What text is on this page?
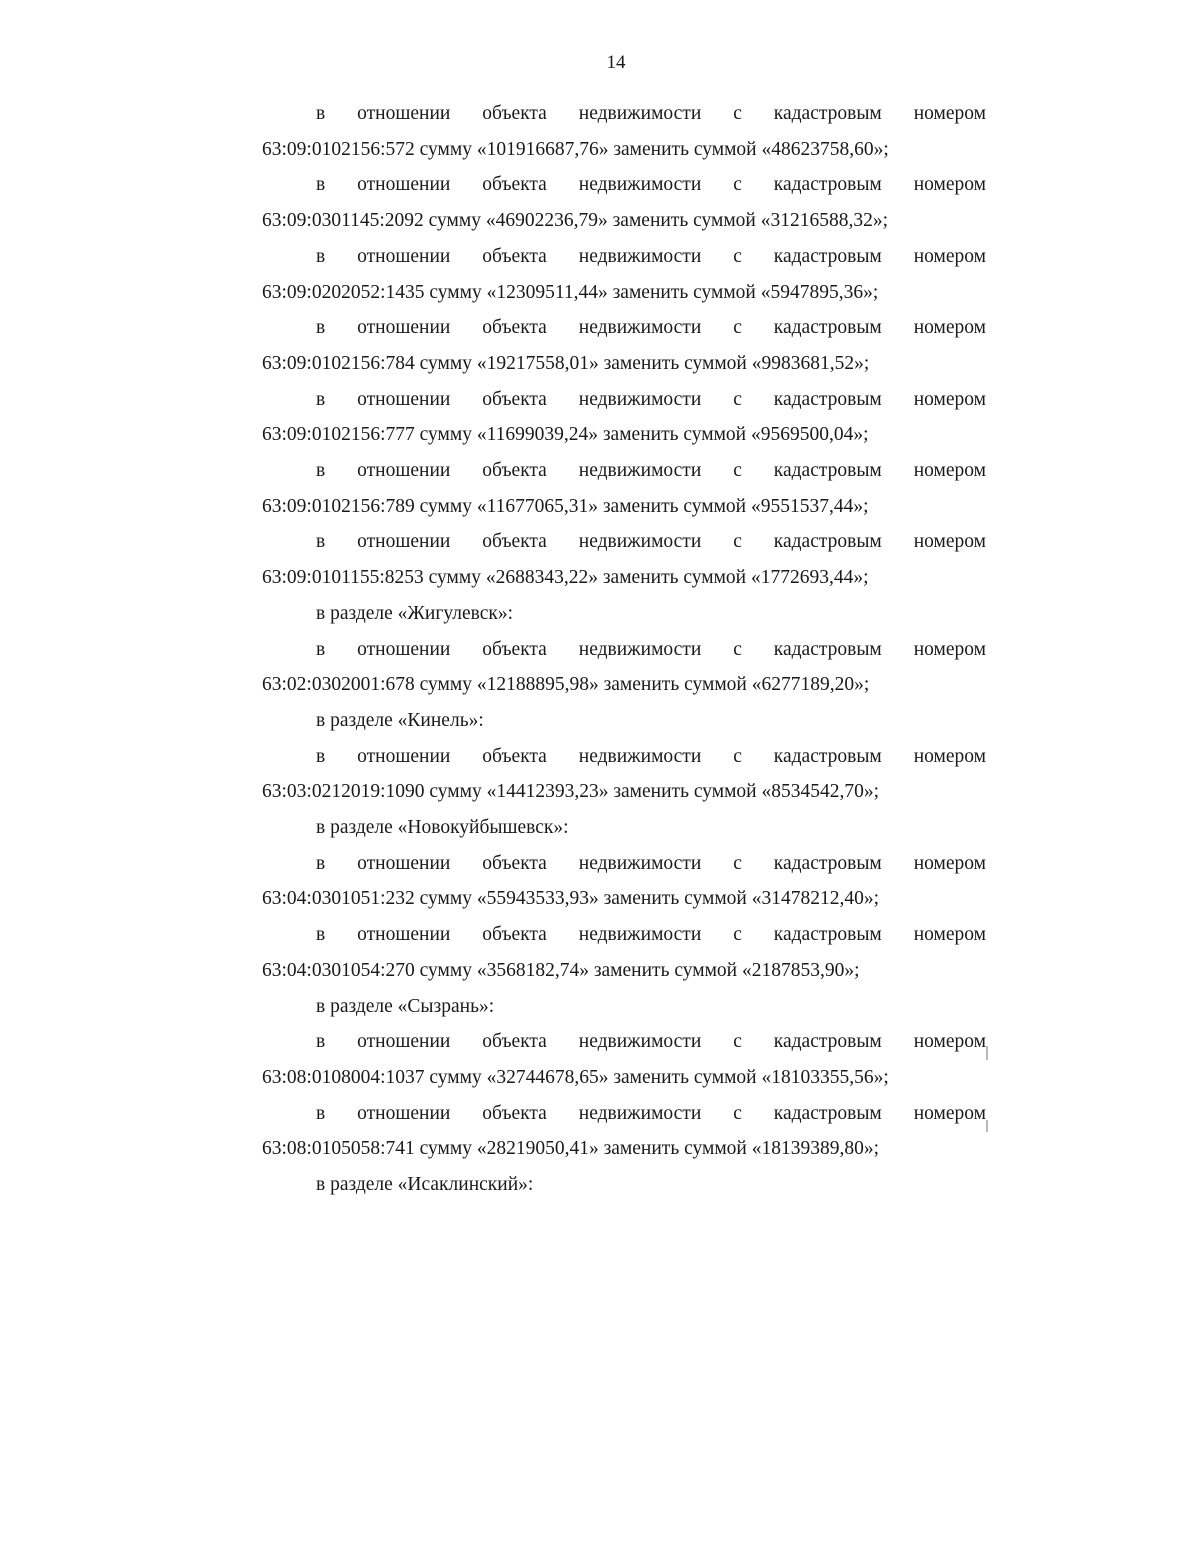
14
в отношении объекта недвижимости с кадастровым номером
63:09:0102156:572 сумму «101916687,76» заменить суммой «48623758,60»;
в отношении объекта недвижимости с кадастровым номером
63:09:0301145:2092 сумму «46902236,79» заменить суммой «31216588,32»;
в отношении объекта недвижимости с кадастровым номером
63:09:0202052:1435 сумму «12309511,44» заменить суммой «5947895,36»;
в отношении объекта недвижимости с кадастровым номером
63:09:0102156:784 сумму «19217558,01» заменить суммой «9983681,52»;
в отношении объекта недвижимости с кадастровым номером
63:09:0102156:777 сумму «11699039,24» заменить суммой «9569500,04»;
в отношении объекта недвижимости с кадастровым номером
63:09:0102156:789 сумму «11677065,31» заменить суммой «9551537,44»;
в отношении объекта недвижимости с кадастровым номером
63:09:0101155:8253 сумму «2688343,22» заменить суммой «1772693,44»;
в разделе «Жигулевск»:
в отношении объекта недвижимости с кадастровым номером
63:02:0302001:678 сумму «12188895,98» заменить суммой «6277189,20»;
в разделе «Кинель»:
в отношении объекта недвижимости с кадастровым номером
63:03:0212019:1090 сумму «14412393,23» заменить суммой «8534542,70»;
в разделе «Новокуйбышевск»:
в отношении объекта недвижимости с кадастровым номером
63:04:0301051:232 сумму «55943533,93» заменить суммой «31478212,40»;
в отношении объекта недвижимости с кадастровым номером
63:04:0301054:270 сумму «3568182,74» заменить суммой «2187853,90»;
в разделе «Сызрань»:
в отношении объекта недвижимости с кадастровым номером
63:08:0108004:1037 сумму «32744678,65» заменить суммой «18103355,56»;
в отношении объекта недвижимости с кадастровым номером
63:08:0105058:741 сумму «28219050,41» заменить суммой «18139389,80»;
в разделе «Исаклинский»:
